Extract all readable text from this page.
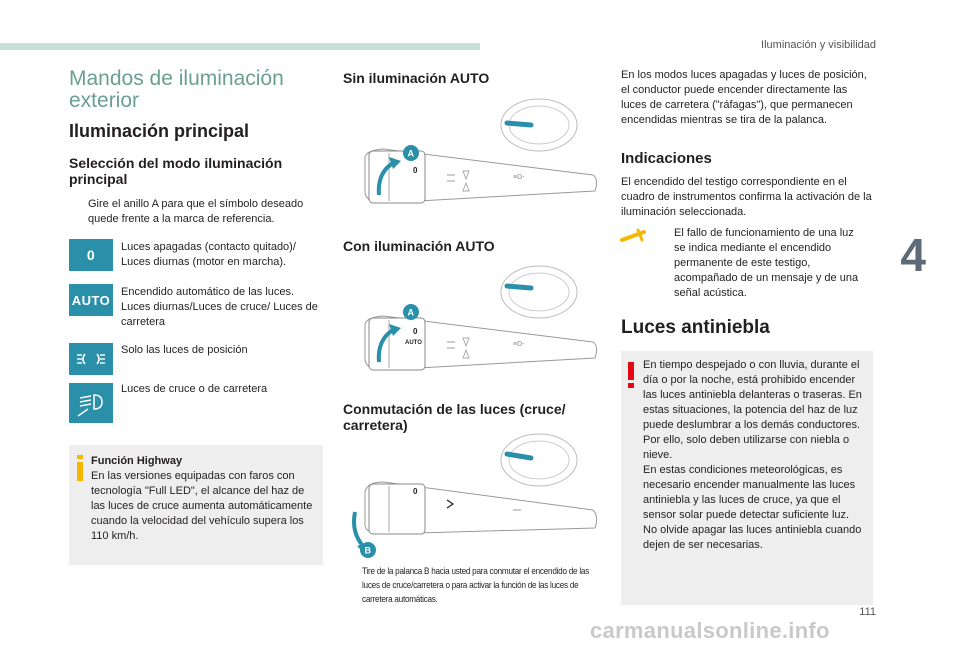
Iluminación y visibilidad
4
111
carmanualsonline.info
Mandos de iluminación exterior
Iluminación principal
Selección del modo iluminación principal
Gire el anillo A para que el símbolo deseado quede frente a la marca de referencia.
0 Luces apagadas (contacto quitado)/ Luces diurnas (motor en marcha).
AUTO
Encendido automático de las luces. Luces diurnas/Luces de cruce/ Luces de carretera
Solo las luces de posición
Luces de cruce o de carretera
Función Highway
En las versiones equipadas con faros con tecnología "Full LED", el alcance del haz de las luces de cruce aumenta automáticamente cuando la velocidad del vehículo supera los 110 km/h.
Sin iluminación AUTO
0
≡D-
A
Con iluminación AUTO
0
AUTO	≡D-
A
Conmutación de las luces (cruce/ carretera)
0
B
Tire de la palanca B hacia usted para conmutar el encendido de las luces de cruce/carretera o para activar la función de las luces de carretera automáticas.
En los modos luces apagadas y luces de posición, el conductor puede encender directamente las luces de carretera ("ráfagas"), que permanecen encendidas mientras se tira de la palanca.
Indicaciones
El encendido del testigo correspondiente en el cuadro de instrumentos confirma la activación de la iluminación seleccionada.
El fallo de funcionamiento de una luz se indica mediante el encendido permanente de este testigo, acompañado de un mensaje y de una señal acústica.
Luces antiniebla
En tiempo despejado o con lluvia, durante el día o por la noche, está prohibido encender las luces antiniebla delanteras o traseras. En estas situaciones, la potencia del haz de luz puede deslumbrar a los demás conductores. Por ello, solo deben utilizarse con niebla o nieve.
En estas condiciones meteorológicas, es necesario encender manualmente las luces antiniebla y las luces de cruce, ya que el sensor solar puede detectar suficiente luz.
No olvide apagar las luces antiniebla cuando dejen de ser necesarias.
